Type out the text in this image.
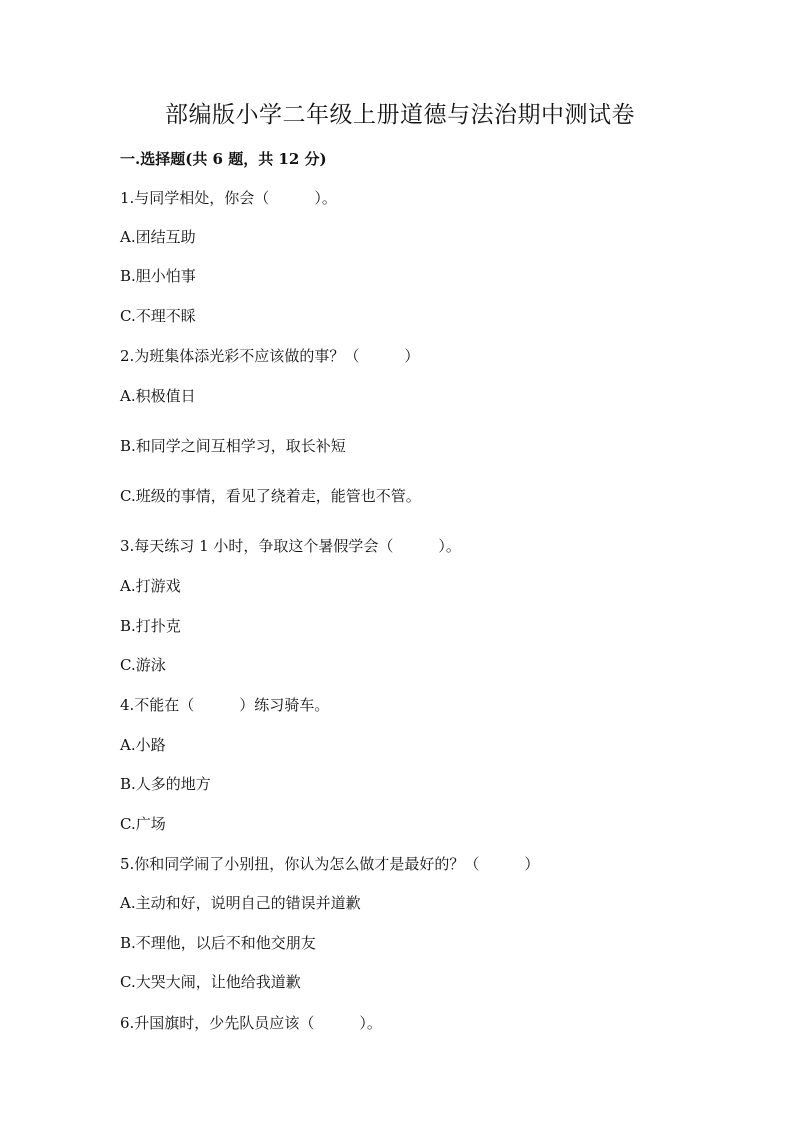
部编版小学二年级上册道德与法治期中测试卷

一.选择题(共 6 题，共 12 分)

1.与同学相处，你会（　　　）。

A.团结互助

B.胆小怕事

C.不理不睬

2.为班集体添光彩不应该做的事？（　　　）

A.积极值日

B.和同学之间互相学习，取长补短

C.班级的事情，看见了绕着走，能管也不管。

3.每天练习 1 小时，争取这个暑假学会（　　　）。

A.打游戏

B.打扑克

C.游泳

4.不能在（　　　）练习骑车。

A.小路

B.人多的地方

C.广场

5.你和同学闹了小别扭，你认为怎么做才是最好的？（　　　）

A.主动和好，说明自己的错误并道歉

B.不理他，以后不和他交朋友

C.大哭大闹，让他给我道歉

6.升国旗时，少先队员应该（　　　）。
